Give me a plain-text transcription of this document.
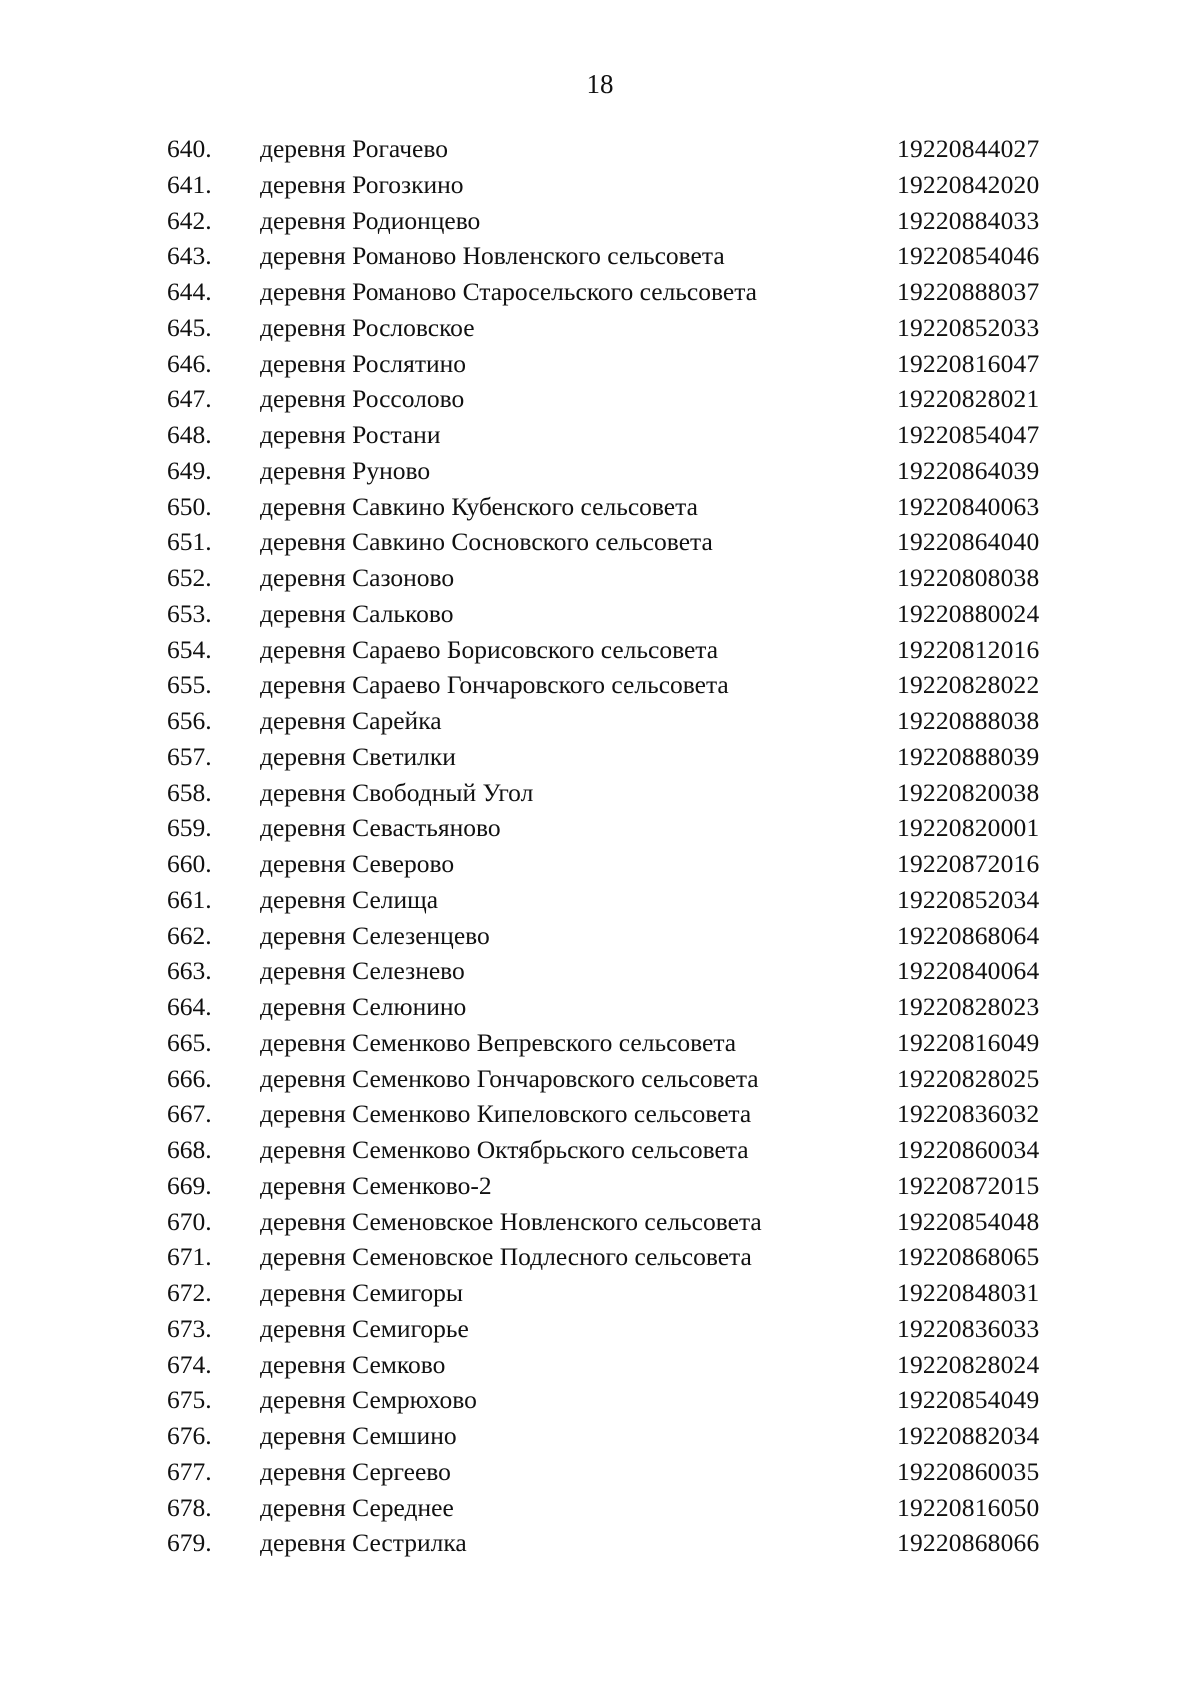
18
640. деревня Рогачево	19220844027
641. деревня Рогозкино	19220842020
642. деревня Родионцево	19220884033
643. деревня Романово Новленского сельсовета	19220854046
644. деревня Романово Старосельского сельсовета	19220888037
645. деревня Рословское	19220852033
646. деревня Рослятино	19220816047
647. деревня Россолово	19220828021
648. деревня Ростани	19220854047
649. деревня Руново	19220864039
650. деревня Савкино Кубенского сельсовета	19220840063
651. деревня Савкино Сосновского сельсовета	19220864040
652. деревня Сазоново	19220808038
653. деревня Сальково	19220880024
654. деревня Сараево Борисовского сельсовета	19220812016
655. деревня Сараево Гончаровского сельсовета	19220828022
656. деревня Сарейка	19220888038
657. деревня Светилки	19220888039
658. деревня Свободный Угол	19220820038
659. деревня Севастьяново	19220820001
660. деревня Северово	19220872016
661. деревня Селища	19220852034
662. деревня Селезенцево	19220868064
663. деревня Селезнево	19220840064
664. деревня Селюнино	19220828023
665. деревня Семенково Вепревского сельсовета	19220816049
666. деревня Семенково Гончаровского сельсовета	19220828025
667. деревня Семенково Кипеловского сельсовета	19220836032
668. деревня Семенково Октябрьского сельсовета	19220860034
669. деревня Семенково-2	19220872015
670. деревня Семеновское Новленского сельсовета	19220854048
671. деревня Семеновское Подлесного сельсовета	19220868065
672. деревня Семигоры	19220848031
673. деревня Семигорье	19220836033
674. деревня Семково	19220828024
675. деревня Семрюхово	19220854049
676. деревня Семшино	19220882034
677. деревня Сергеево	19220860035
678. деревня Середнее	19220816050
679. деревня Сестрилка	19220868066
